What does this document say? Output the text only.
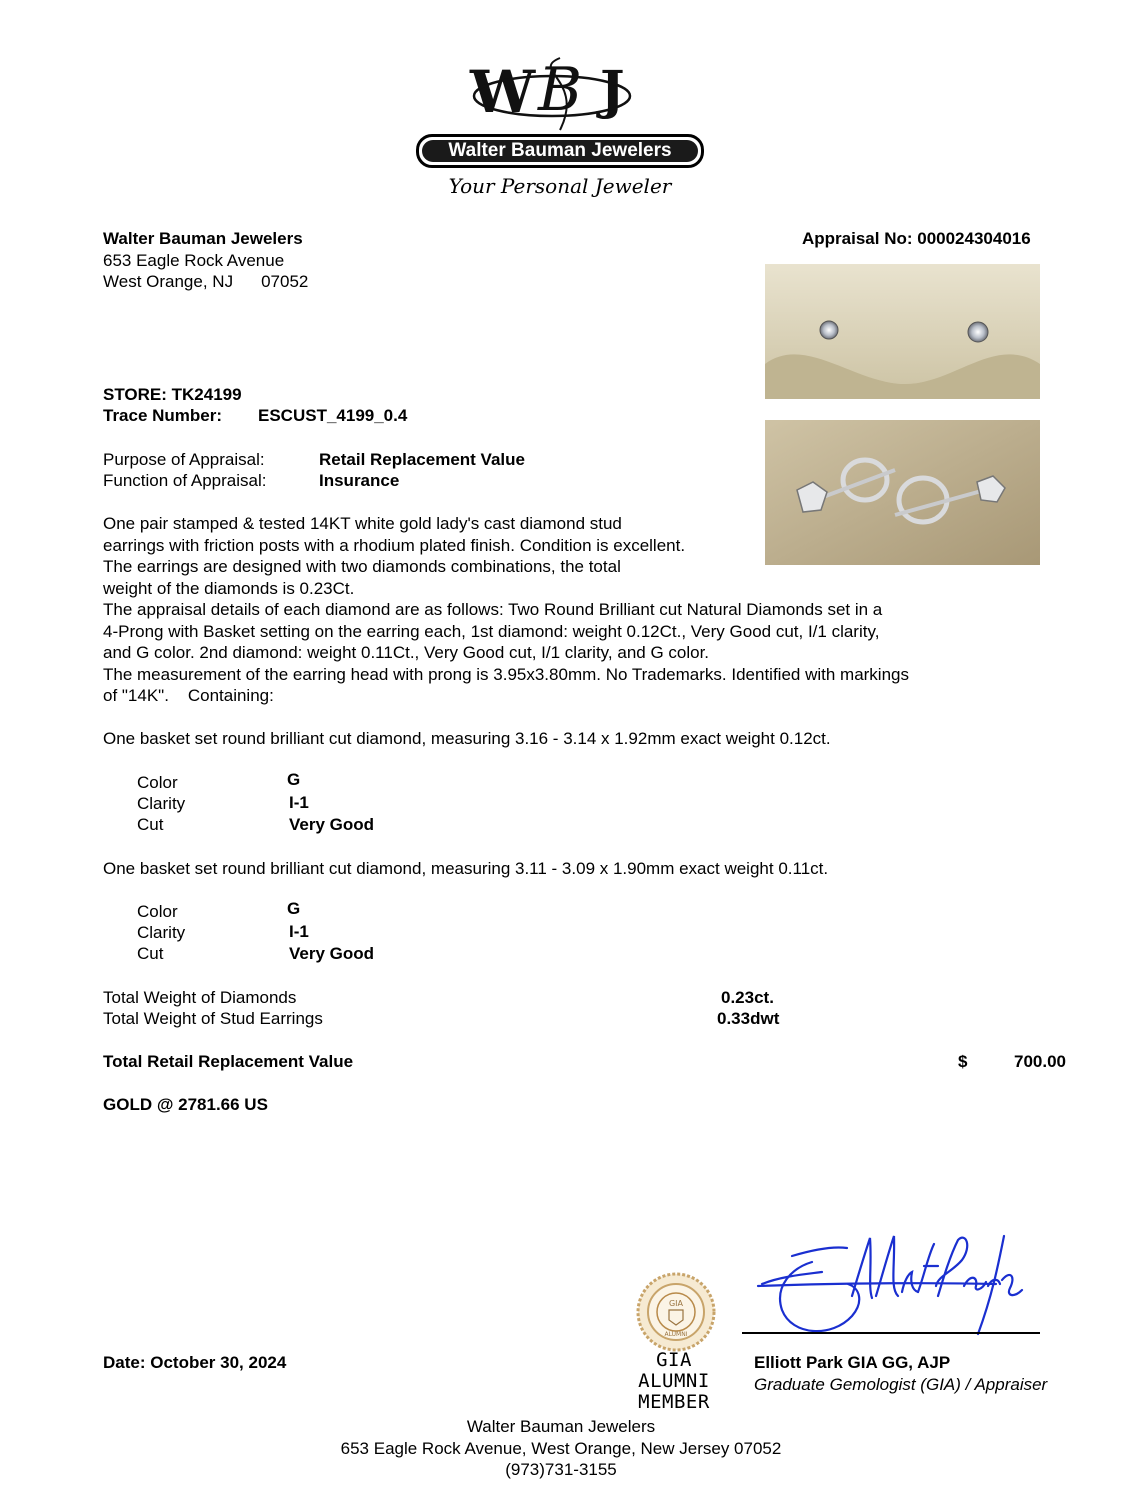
W B J
Walter Bauman Jewelers
Your Personal Jeweler
Walter Bauman Jewelers
653 Eagle Rock Avenue
West Orange, NJ 07052
Appraisal No: 000024304016
STORE: TK24199
Trace Number: ESCUST_4199_0.4
Purpose of Appraisal:	Retail Replacement Value
Function of Appraisal:	Insurance
One pair stamped & tested 14KT white gold lady's cast diamond stud
earrings with friction posts with a rhodium plated finish. Condition is excellent.
The earrings are designed with two diamonds combinations, the total
weight of the diamonds is 0.23Ct.
The appraisal details of each diamond are as follows: Two Round Brilliant cut Natural Diamonds set in a
4-Prong with Basket setting on the earring each, 1st diamond: weight 0.12Ct., Very Good cut, I/1 clarity,
and G color. 2nd diamond: weight 0.11Ct., Very Good cut, I/1 clarity, and G color.
The measurement of the earring head with prong is 3.95x3.80mm. No Trademarks. Identified with markings
of "14K".    Containing:
One basket set round brilliant cut diamond, measuring 3.16 - 3.14 x 1.92mm exact weight 0.12ct.
Color	G
Clarity	I-1
Cut	Very Good
One basket set round brilliant cut diamond, measuring 3.11 - 3.09 x 1.90mm exact weight 0.11ct.
Color	G
Clarity	I-1
Cut	Very Good
Total Weight of Diamonds	0.23ct.
Total Weight of Stud Earrings	0.33dwt
Total Retail Replacement Value	$	700.00
GOLD @ 2781.66 US
Date: October 30, 2024
GIA
ALUMNI
GIA ALUMNI
MEMBER
Elliott Park GIA GG, AJP
Graduate Gemologist (GIA) / Appraiser
Walter Bauman Jewelers
653 Eagle Rock Avenue, West Orange, New Jersey 07052
(973)731-3155
